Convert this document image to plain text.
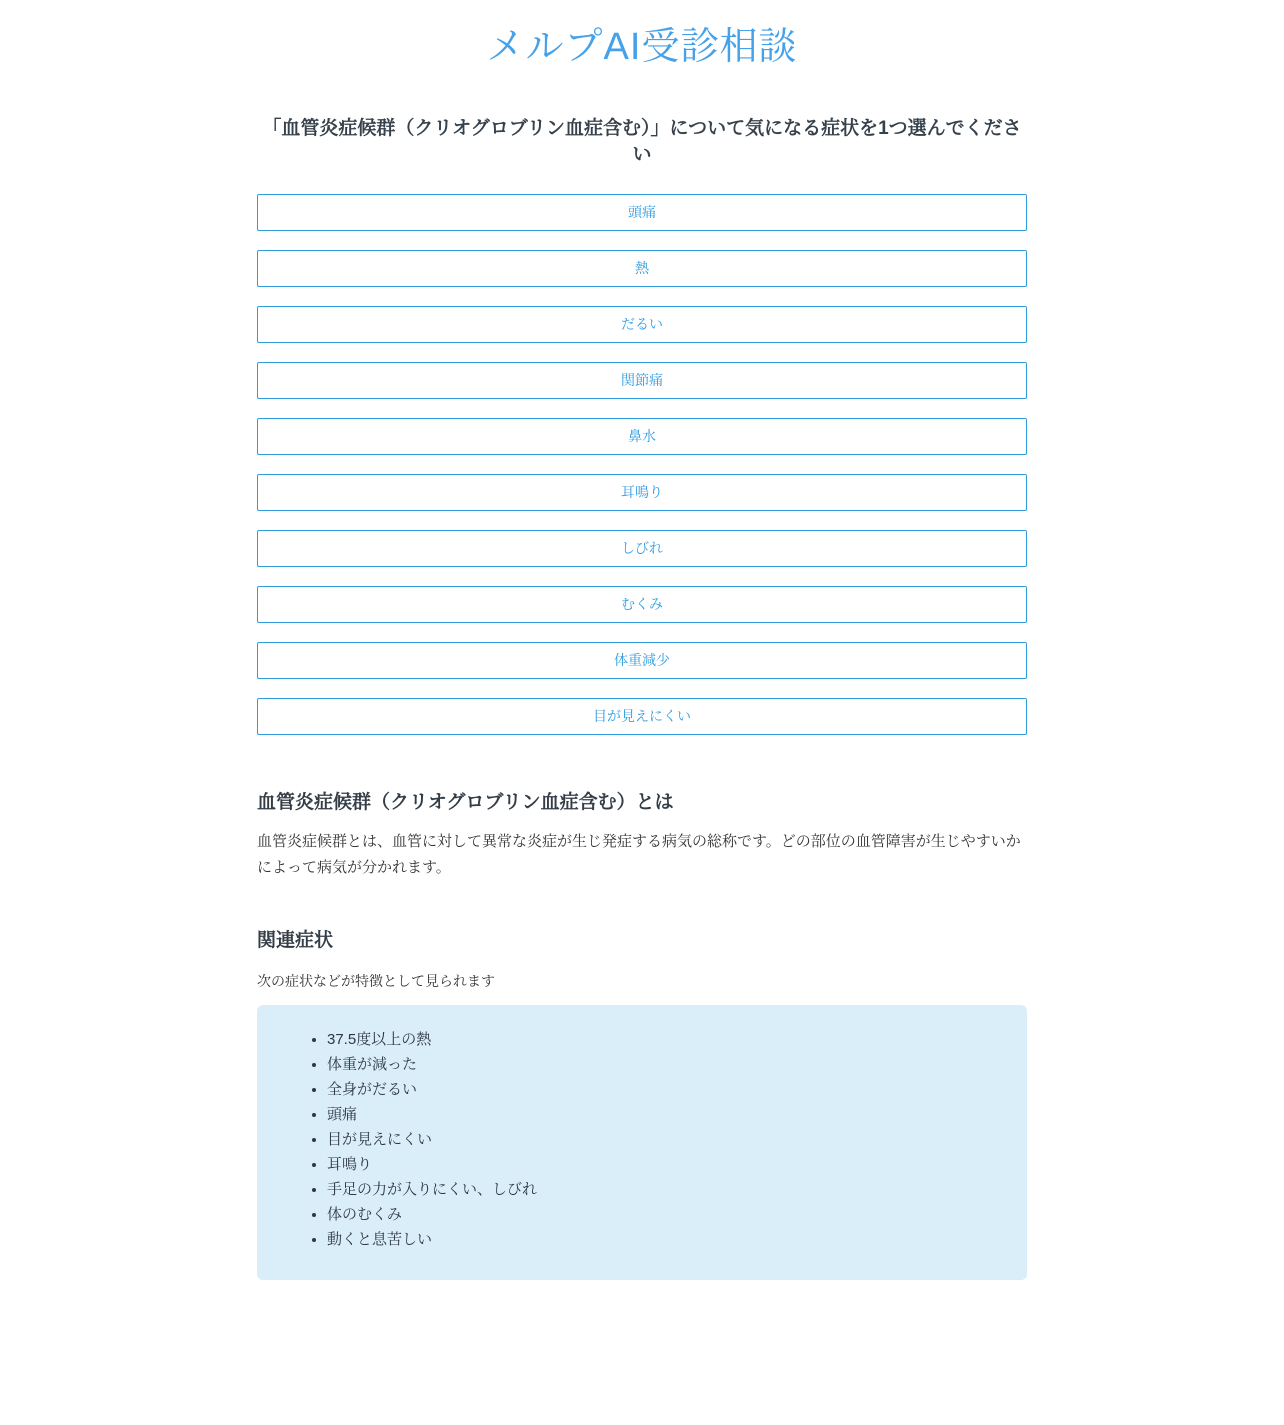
メルプAI受診相談
「血管炎症候群（クリオグロブリン血症含む）」について気になる症状を1つ選んでください
頭痛
熱
だるい
関節痛
鼻水
耳鳴り
しびれ
むくみ
体重減少
目が見えにくい
血管炎症候群（クリオグロブリン血症含む）とは

血管炎症候群とは、血管に対して異常な炎症が生じ発症する病気の総称です。どの部位の血管障害が生じやすいかによって病気が分かれます。

関連症状

次の症状などが特徴として見られます

• 37.5度以上の熱
• 体重が減った
• 全身がだるい
• 頭痛
• 目が見えにくい
• 耳鳴り
• 手足の力が入りにくい、しびれ
• 体のむくみ
• 動くと息苦しい
